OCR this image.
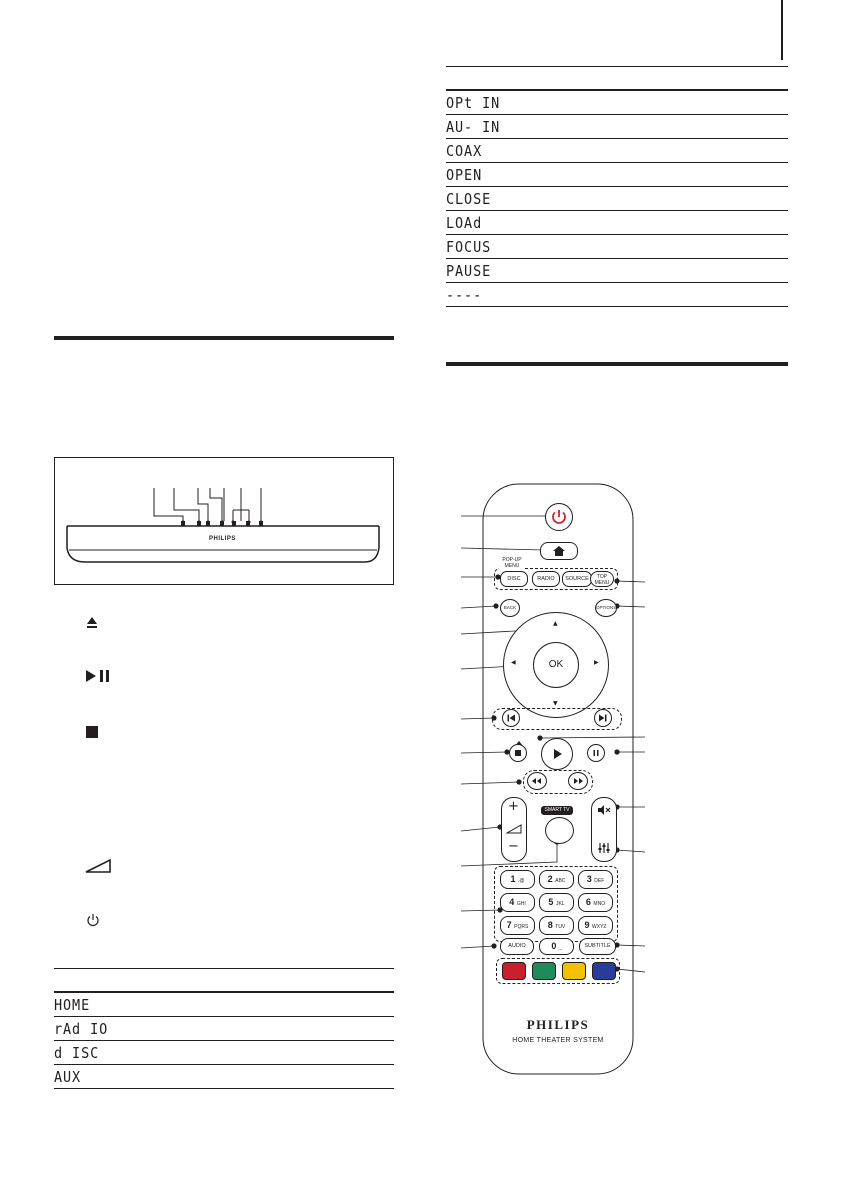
OPt IN
AU- IN
COAX
OPEN
CLOSE
LOAd
FOCUS
PAUSE
----
PHILIPS
HOME
rAd IO
d ISC
AUX
POP-UP MENU
DISC	RADIO	SOURCE	TOP MENU
BACK	OPTIONS
▲
▼
◀	▶
OK
+
−
SMART TV
1 .@	2 ABC	3 DEF
4 GHI	5 JKL	6 MNO
7 PQRS	8 TUV	9 WXYZ
AUDIO	0 _	SUBTITLE
PHILIPS
HOME THEATER SYSTEM
